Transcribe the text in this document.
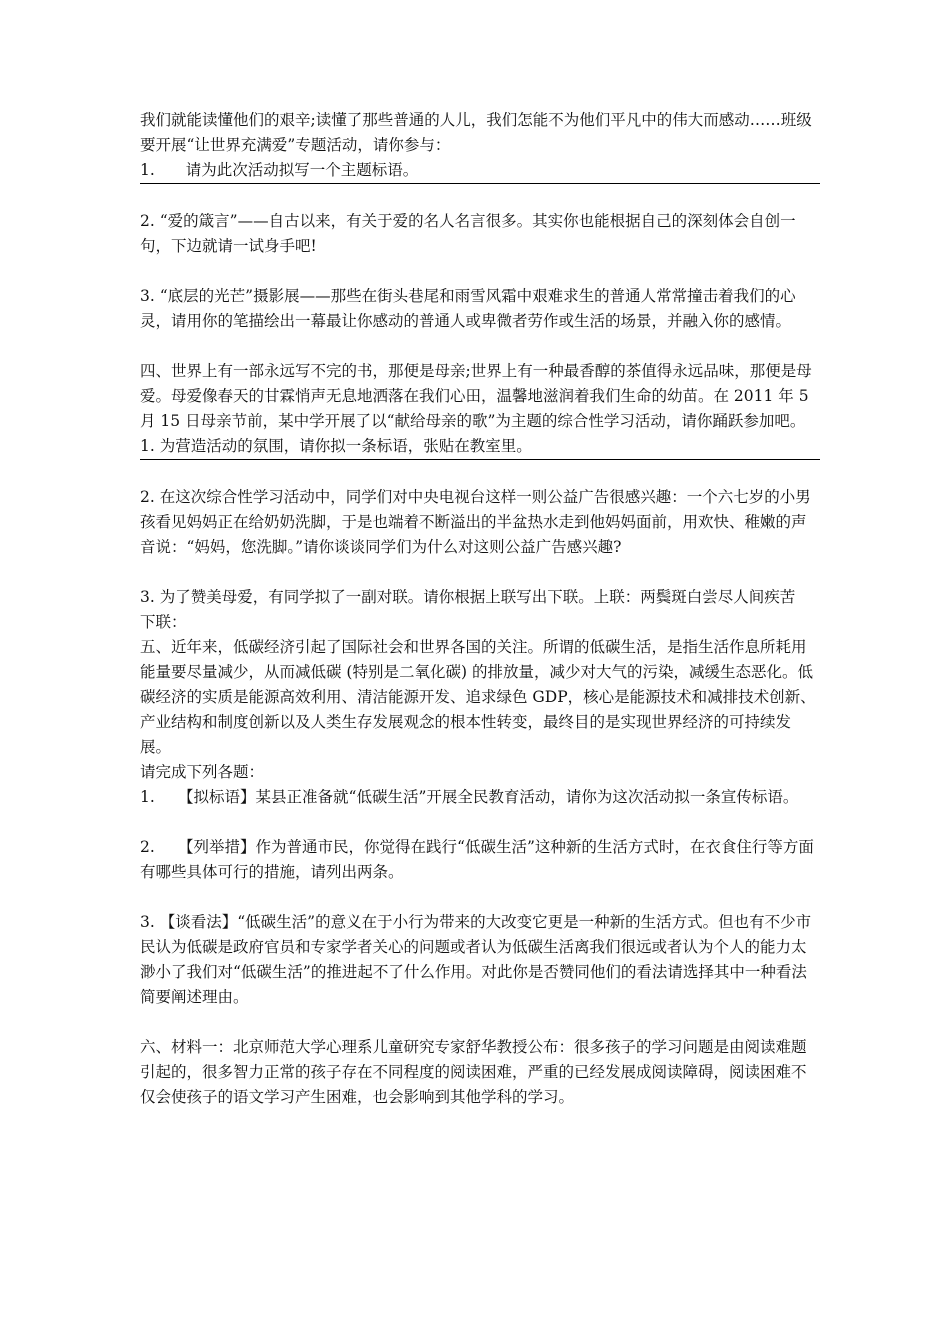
我们就能读懂他们的艰辛;读懂了那些普通的人儿，我们怎能不为他们平凡中的伟大而感动……班级要开展“让世界充满爱”专题活动，请你参与：

1.　　请为此次活动拟写一个主题标语。

2. “爱的箴言”——自古以来，有关于爱的名人名言很多。其实你也能根据自己的深刻体会自创一句，下边就请一试身手吧!

3. “底层的光芒”摄影展——那些在街头巷尾和雨雪风霜中艰难求生的普通人常常撞击着我们的心灵，请用你的笔描绘出一幕最让你感动的普通人或卑微者劳作或生活的场景，并融入你的感情。

四、世界上有一部永远写不完的书，那便是母亲;世界上有一种最香醇的茶值得永远品味，那便是母爱。母爱像春天的甘霖悄声无息地洒落在我们心田，温馨地滋润着我们生命的幼苗。在 2011 年 5 月 15 日母亲节前，某中学开展了以“献给母亲的歌”为主题的综合性学习活动，请你踊跃参加吧。

1. 为营造活动的氛围，请你拟一条标语，张贴在教室里。

2. 在这次综合性学习活动中，同学们对中央电视台这样一则公益广告很感兴趣：一个六七岁的小男孩看见妈妈正在给奶奶洗脚，于是也端着不断溢出的半盆热水走到他妈妈面前，用欢快、稚嫩的声音说：“妈妈，您洗脚。”请你谈谈同学们为什么对这则公益广告感兴趣?

3. 为了赞美母爱，有同学拟了一副对联。请你根据上联写出下联。上联：两鬓斑白尝尽人间疾苦

下联：

五、近年来，低碳经济引起了国际社会和世界各国的关注。所谓的低碳生活，是指生活作息所耗用能量要尽量减少，从而减低碳 (特别是二氧化碳) 的排放量，减少对大气的污染，减缓生态恶化。低碳经济的实质是能源高效利用、清洁能源开发、追求绿色 GDP，核心是能源技术和减排技术创新、产业结构和制度创新以及人类生存发展观念的根本性转变，最终目的是实现世界经济的可持续发展。

请完成下列各题：

1.　　【拟标语】某县正准备就“低碳生活”开展全民教育活动，请你为这次活动拟一条宣传标语。

2.　　【列举措】作为普通市民，你觉得在践行“低碳生活”这种新的生活方式时，在衣食住行等方面有哪些具体可行的措施，请列出两条。

3. 【谈看法】“低碳生活”的意义在于小行为带来的大改变它更是一种新的生活方式。但也有不少市民认为低碳是政府官员和专家学者关心的问题或者认为低碳生活离我们很远或者认为个人的能力太渺小了我们对“低碳生活”的推进起不了什么作用。对此你是否赞同他们的看法请选择其中一种看法简要阐述理由。

六、材料一：北京师范大学心理系儿童研究专家舒华教授公布：很多孩子的学习问题是由阅读难题引起的，很多智力正常的孩子存在不同程度的阅读困难，严重的已经发展成阅读障碍，阅读困难不仅会使孩子的语文学习产生困难，也会影响到其他学科的学习。
